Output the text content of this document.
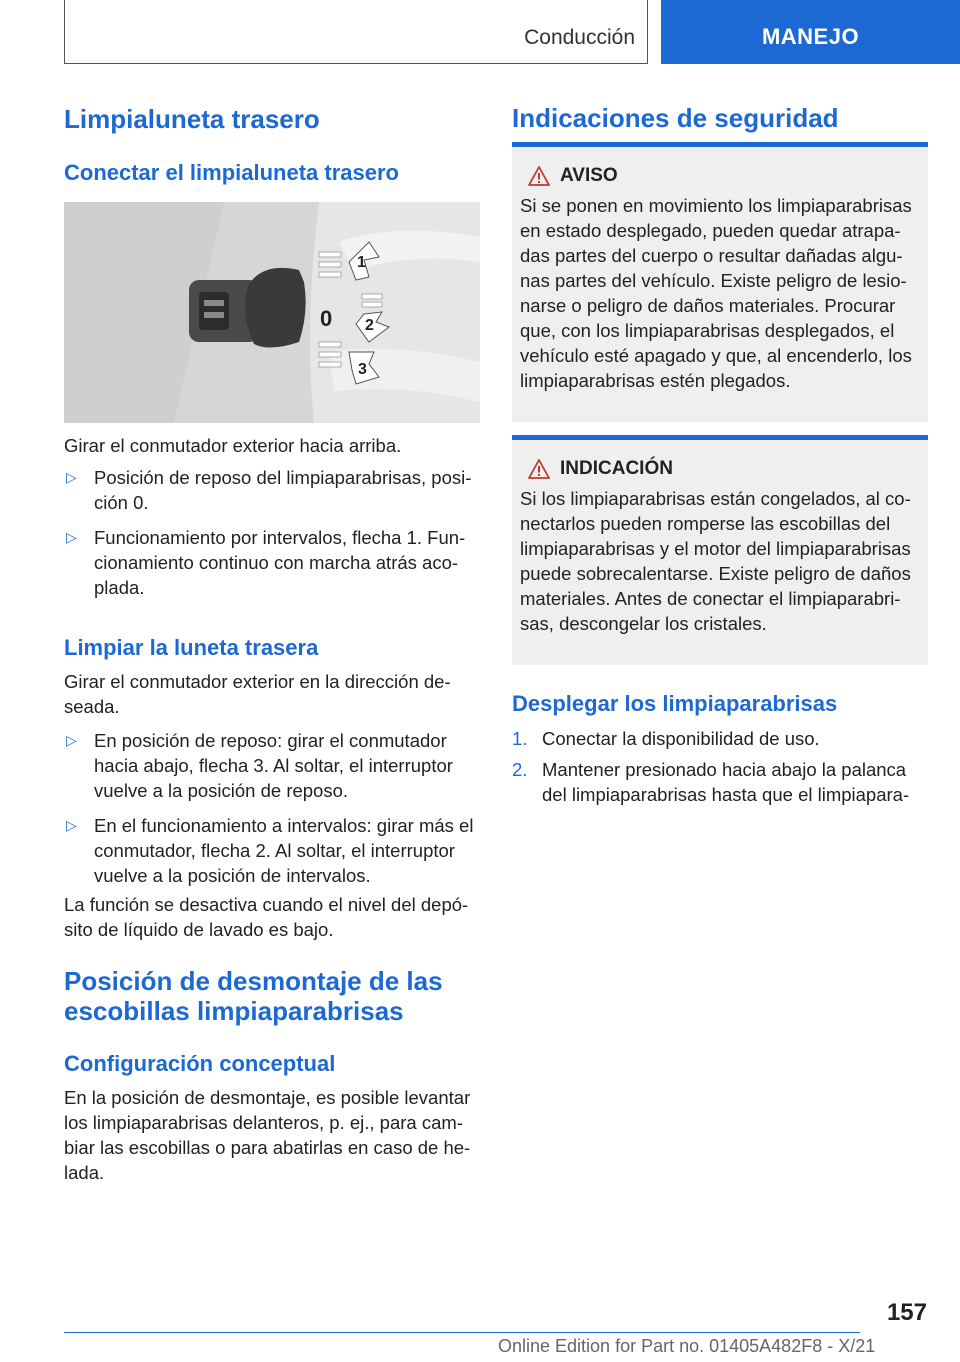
Conducción	MANEJO
Limpialuneta trasero
Conectar el limpialuneta trasero
1
0 2
3

Girar el conmutador exterior hacia arriba.

▷ Posición de reposo del limpiaparabrisas, posi-ción 0.
▷ Funcionamiento por intervalos, flecha 1. Fun-cionamiento continuo con marcha atrás aco-plada.
Limpiar la luneta trasera

Girar el conmutador exterior en la dirección de-seada.

▷ En posición de reposo: girar el conmutador hacia abajo, flecha 3. Al soltar, el interruptor vuelve a la posición de reposo.
▷ En el funcionamiento a intervalos: girar más el conmutador, flecha 2. Al soltar, el interruptor vuelve a la posición de intervalos.

La función se desactiva cuando el nivel del depó-sito de líquido de lavado es bajo.

Posición de desmontaje de las escobillas limpiaparabrisas
Configuración conceptual

En la posición de desmontaje, es posible levantar los limpiaparabrisas delanteros, p. ej., para cam-biar las escobillas o para abatirlas en caso de he-lada.

Indicaciones de seguridad
AVISO
Si se ponen en movimiento los limpiaparabrisas en estado desplegado, pueden quedar atrapa-das partes del cuerpo o resultar dañadas algu-nas partes del vehículo. Existe peligro de lesio-narse o peligro de daños materiales. Procurar que, con los limpiaparabrisas desplegados, el vehículo esté apagado y que, al encenderlo, los limpiaparabrisas estén plegados.
INDICACIÓN
Si los limpiaparabrisas están congelados, al co-nectarlos pueden romperse las escobillas del limpiaparabrisas y el motor del limpiaparabrisas puede sobrecalentarse. Existe peligro de daños materiales. Antes de conectar el limpiaparabri-sas, descongelar los cristales.
Desplegar los limpiaparabrisas
1. Conectar la disponibilidad de uso.
2. Mantener presionado hacia abajo la palanca del limpiaparabrisas hasta que el limpiapara-
157
Online Edition for Part no. 01405A482F8 - X/21
